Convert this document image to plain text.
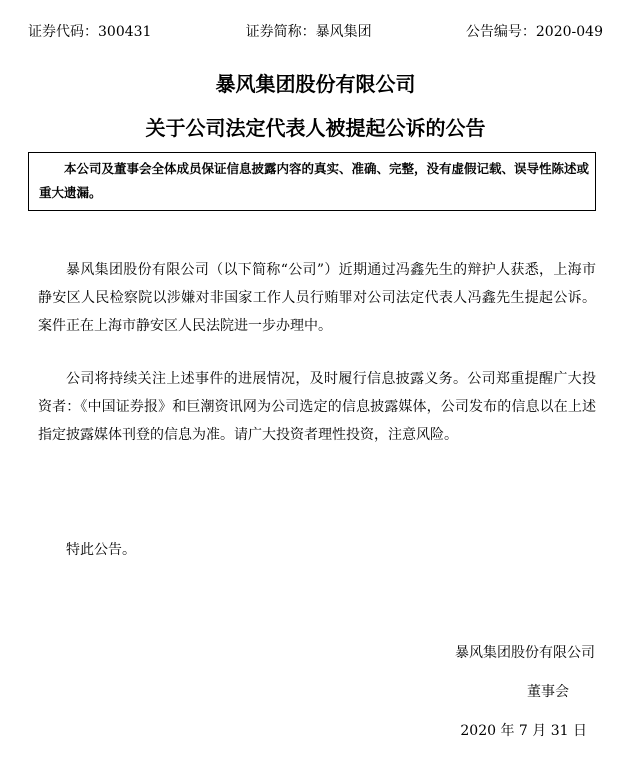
证券代码：300431	证券简称：暴风集团	公告编号：2020-049
暴风集团股份有限公司
关于公司法定代表人被提起公诉的公告
本公司及董事会全体成员保证信息披露内容的真实、准确、完整，没有虚假记载、误导性陈述或重大遗漏。

暴风集团股份有限公司（以下简称“公司”）近期通过冯鑫先生的辩护人获悉，上海市静安区人民检察院以涉嫌对非国家工作人员行贿罪对公司法定代表人冯鑫先生提起公诉。案件正在上海市静安区人民法院进一步办理中。

公司将持续关注上述事件的进展情况，及时履行信息披露义务。公司郑重提醒广大投资者：《中国证券报》和巨潮资讯网为公司选定的信息披露媒体，公司发布的信息以在上述指定披露媒体刊登的信息为准。请广大投资者理性投资，注意风险。

特此公告。

暴风集团股份有限公司
董事会
2020 年 7 月 31 日
